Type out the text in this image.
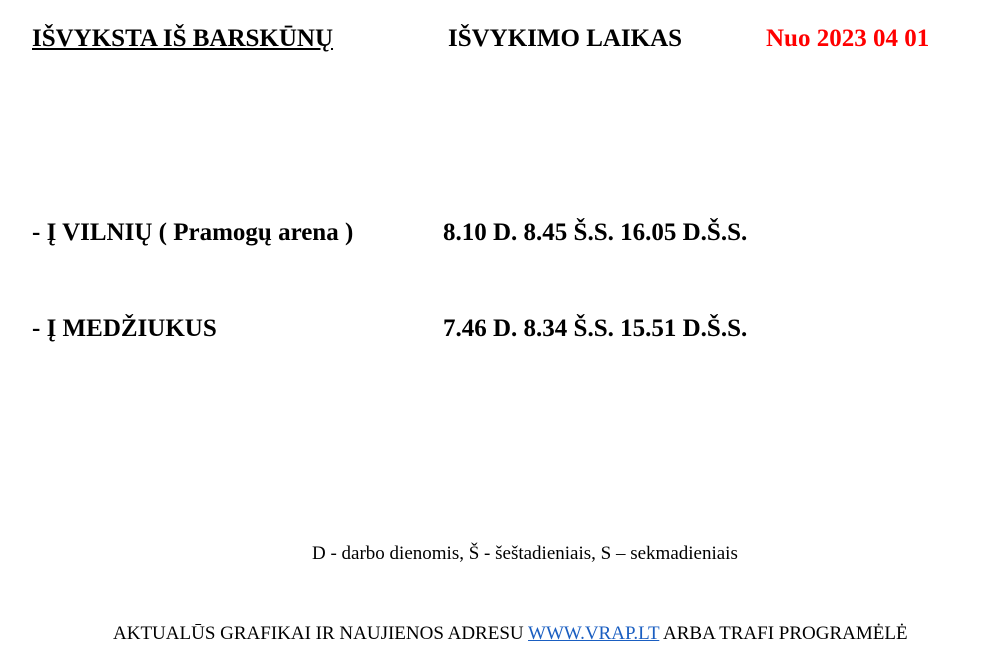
IŠVYKSTA IŠ BARSKŪNŲ	IŠVYKIMO LAIKAS	Nuo 2023 04 01
- Į VILNIŲ ( Pramogų arena )	8.10 D. 8.45 Š.S. 16.05 D.Š.S.
- Į MEDŽIUKUS	7.46 D. 8.34 Š.S. 15.51 D.Š.S.
D - darbo dienomis, Š - šeštadieniais, S – sekmadieniais
AKTUALŪS GRAFIKAI IR NAUJIENOS ADRESU WWW.VRAP.LT ARBA TRAFI PROGRAMĖLĖ
